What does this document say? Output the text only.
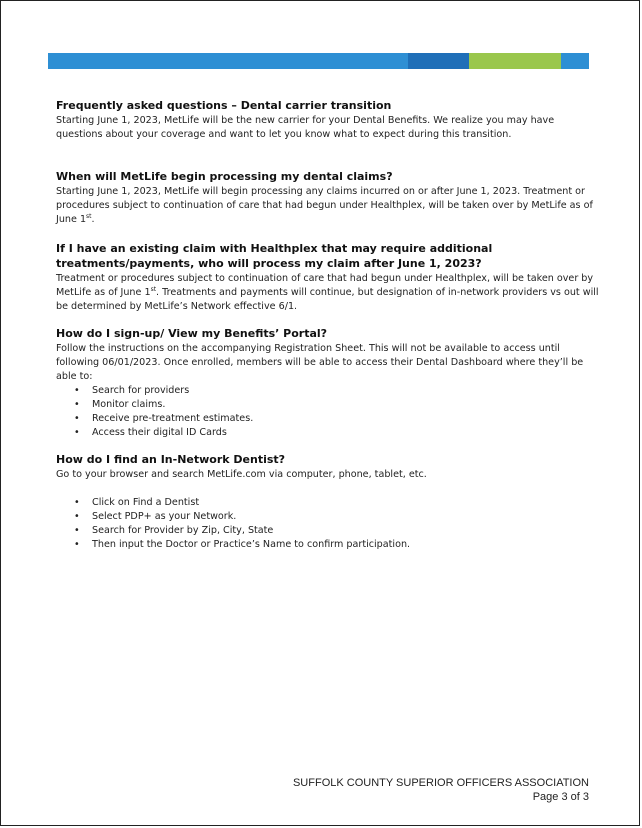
Frequently asked questions – Dental carrier transition

Starting June 1, 2023, MetLife will be the new carrier for your Dental Benefits. We realize you may have questions about your coverage and want to let you know what to expect during this transition.

When will MetLife begin processing my dental claims?

Starting June 1, 2023, MetLife will begin processing any claims incurred on or after June 1, 2023. Treatment or procedures subject to continuation of care that had begun under Healthplex, will be taken over by MetLife as of June 1st.

If I have an existing claim with Healthplex that may require additional treatments/payments, who will process my claim after June 1, 2023?

Treatment or procedures subject to continuation of care that had begun under Healthplex, will be taken over by MetLife as of June 1st. Treatments and payments will continue, but designation of in-network providers vs out will be determined by MetLife’s Network effective 6/1.

How do I sign-up/ View my Benefits’ Portal?

Follow the instructions on the accompanying Registration Sheet. This will not be available to access until following 06/01/2023. Once enrolled, members will be able to access their Dental Dashboard where they’ll be able to:

• Search for providers
• Monitor claims.
• Receive pre-treatment estimates.
• Access their digital ID Cards
How do I find an In-Network Dentist?

Go to your browser and search MetLife.com via computer, phone, tablet, etc.

• Click on Find a Dentist
• Select PDP+ as your Network.
• Search for Provider by Zip, City, State
• Then input the Doctor or Practice’s Name to confirm participation.
SUFFOLK COUNTY SUPERIOR OFFICERS ASSOCIATION
Page 3 of 3
